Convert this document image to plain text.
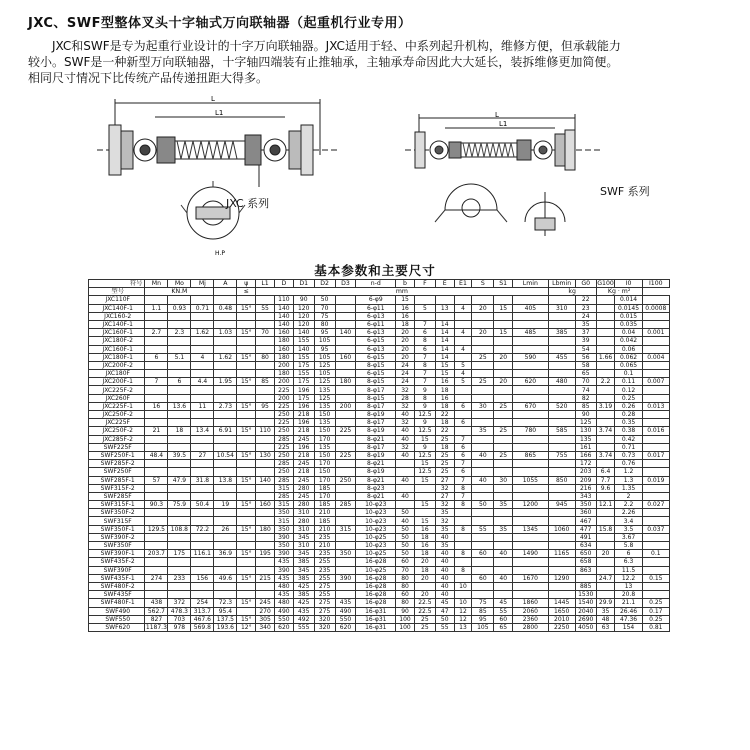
JXC、SWF型整体叉头十字轴式万向联轴器（起重机行业专用）

JXC和SWF是专为起重行业设计的十字万向联轴器。JXC适用于轻、中系列起升机构，维修方便，但承载能力

较小。SWF是一种新型万向联轴器，十字轴四端装有止推轴承，主轴承寿命因此大大延长，装拆维修更加简便。

相同尺寸情况下比传统产品传递扭距大得多。

L
L1
H.P
JXC 系列
L
L1
SWF 系列
基本参数和主要尺寸
符号	Mn	Mo	Mj	A	ψ	L1	D	D1	D2	D3	n-d	b	F	E	E1	S	S1	Lmin	Lbmin	G0	G100	I0	I100
型号	KN.M				≤	mm													kg		Kg · m²		
JXC110F							110	90	50		6-φ9	15								22		0.014	
JXC140F-1	1.1	0.93	0.71	0.48	15°	55	140	120	70		6-φ11	16	5	13	4	20	15	405	310	23		0.0145	0.0008
JXC160-2							140	120	75		6-φ13	16								24		0.015	
JXC140F-1							140	120	80		6-φ11	18	7	14						35		0.035	
JXC160F-1	2.7	2.3	1.62	1.03	15°	70	160	140	95	140	6-φ13	20	6	14	4	20	15	485	385	37		0.04	0.001
JXC180F-2							180	155	105		6-φ15	20	8	14						39		0.042	
JXC160F-1							160	140	95		6-φ13	20	6	14	4					54		0.06	
JXC180F-1	6	5.1	4	1.62	15°	80	180	155	105	160	6-φ15	20	7	14		25	20	590	455	56	1.66	0.062	0.004
JXC200F-2							200	175	125		8-φ15	24	8	15	5					58		0.065	
JXC180F							180	155	105		6-φ15	24	7	15	4					65		0.1	
JXC200F-1	7	6	4.4	1.95	15°	85	200	175	125	180	8-φ15	24	7	16	5	25	20	620	480	70	2.2	0.11	0.007
JXC225F-2							225	196	135		8-φ17	32	9	18						74		0.12	
JXC260F							200	175	125		8-φ15	28	8	16						82		0.25	
JXC225F-1	16	13.6	11	2.73	15°	95	225	196	135	200	8-φ17	32	9	18	6	30	25	670	520	85	3.19	0.26	0.013
JXC250F-2							250	218	150		8-φ19	40	12.5	22						90		0.28	
JXC225F							225	196	135		8-φ17	32	9	18	6					125		0.35	
JXC250F-2	21	18	13.4	6.91	15°	110	250	218	150	225	8-φ19	40	12.5	22		35	25	780	585	130	3.74	0.38	0.016
JXC285F-2							285	245	170		8-φ21	40	15	25	7					135		0.42	
SWF225F							225	196	135		8-φ17	32	9	18	6					161		0.71	
SWF250F-1	48.4	39.5	27	10.54	15°	130	250	218	150	225	8-φ19	40	12.5	25	6	40	25	865	755	166	3.74	0.73	0.017
SWF285F-2							285	245	170		8-φ21		15	25	7					172		0.76	
SWF250F							250	218	150		8-φ19		12.5	25	6					203	6.4	1.2	
SWF285F-1	57	47.9	31.8	13.8	15°	140	285	245	170	250	8-φ21	40	15	27	7	40	30	1055	850	209	7.7	1.3	0.019
SWF315F-2							315	280	185		8-φ23			32	8					216	9.6	1.35	
SWF285F							285	245	170		8-φ21	40		27	7					343		2	
SWF315F-1	90.3	75.9	50.4	19	15°	160	315	280	185	285	10-φ23		15	32	8	50	35	1200	945	350	12.1	2.2	0.027
SWF350F-2							350	310	210		10-φ23	50		35						360		2.26	
SWF315F							315	280	185		10-φ23	40	15	32						467		3.4	
SWF350F-1	129.5	108.8	72.2	26	15°	180	350	310	210	315	10-φ23	50	16	35	8	55	35	1345	1060	477	15.8	3.5	0.037
SWF390F-2							390	345	235		10-φ25	50	18	40						491		3.67	
SWF350F							350	310	210		10-φ23	50	16	35						634		5.8	
SWF390F-1	203.7	175	116.1	36.9	15°	195	390	345	235	350	10-φ25	50	18	40	8	60	40	1490	1165	650	20	6	0.1
SWF435F-2							435	385	255		16-φ28	60	20	40						658		6.3	
SWF390F							390	345	235		10-φ25	70	18	40	8					863		11.5	
SWF435F-1	274	233	156	49.6	15°	215	435	385	255	390	16-φ28	80	20	40		60	40	1670	1290		24.7	12.2	0.15
SWF480F-2							480	425	275		16-φ28	80		40	10					885		13	
SWF435F							435	385	255		16-φ28	60	20	40						1530		20.8	
SWF480F-1	438	372	254	72.3	15°	245	480	425	275	435	16-φ28	80	22.5	45	10	75	45	1860	1445	1540	29.9	21.1	0.25
SWF490	562.7	478.3	313.7	95.4		270	490	435	275	490	16-φ31	90	22.5	47	12	85	55	2060	1650	2040	35	26.46	0.17
SWF550	827	703	467.6	137.5	15°	305	550	492	320	550	16-φ31	100	25	50	12	95	60	2360	2010	2690	48	47.36	0.25
SWF620	1187.3	978	569.8	193.6	12°	340	620	555	320	620	16-φ31	100	25	55	13	105	65	2800	2250	4050	63	154	0.81
